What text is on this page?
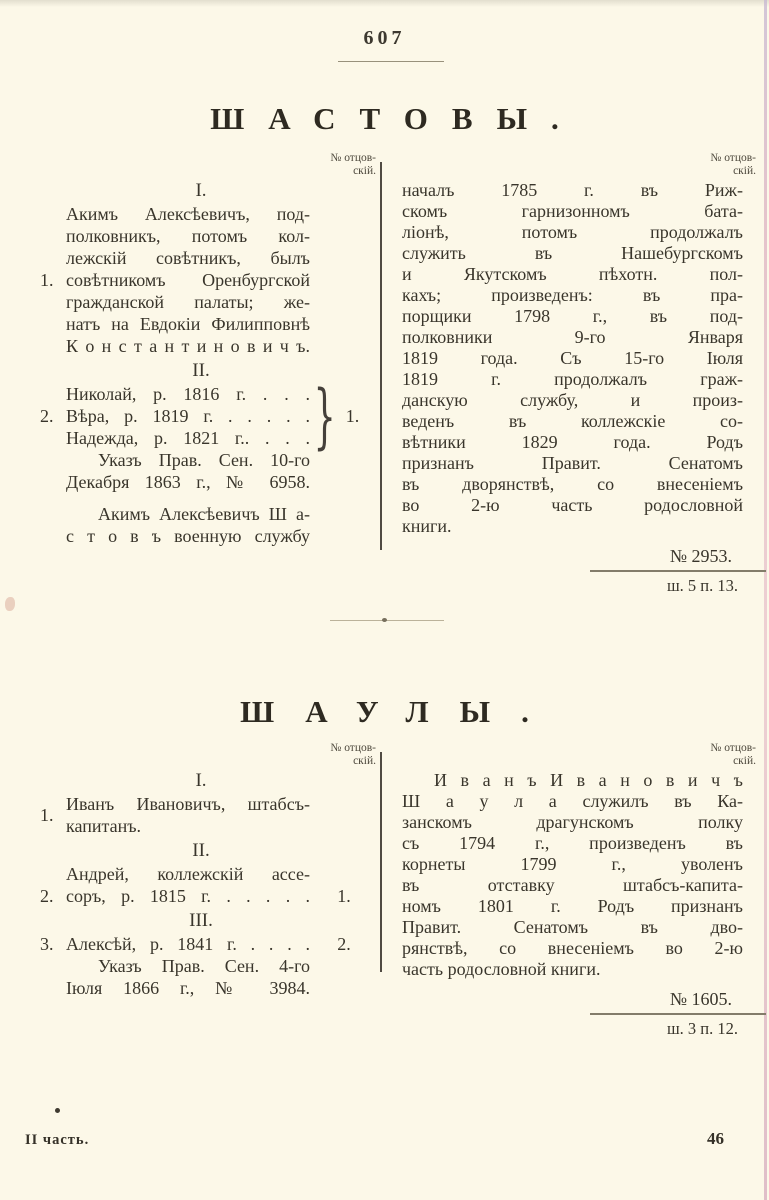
607
ШАСТОВЫ.
№ отцов-
скій.
I.
1.
Акимъ Алексѣевичъ, под-
полковникъ, потомъ кол-
лежскій совѣтникъ, былъ
совѣтникомъ Оренбургской
гражданской палаты; же-
натъ на Евдокіи Филипповнѣ
К о н с т а н т и н о в и ч ъ.
II.
2.
Николай, р. 1816 г. . . .
Вѣра, р. 1819 г. . . . . .
Надежда, р. 1821 г.. . . . } 1.
Указъ Прав. Сен. 10-го
Декабря 1863 г., № 6958.
Акимъ Алексѣевичъ Ш а-
с т о в ъ военную службу
№ отцов-
скій.
началъ 1785 г. въ Риж-
скомъ гарнизонномъ бата-
ліонѣ, потомъ продолжалъ
служить въ Нашебургскомъ
и Якутскомъ пѣхотн. пол-
кахъ; произведенъ: въ пра-
порщики 1798 г., въ под-
полковники 9-го Января
1819 года. Съ 15-го Іюля
1819 г. продолжалъ граж-
данскую службу, и произ-
веденъ въ коллежскіе со-
вѣтники 1829 года. Родъ
признанъ Правит. Сенатомъ
въ дворянствѣ, со внесеніемъ
во 2-ю часть родословной
книги.
№ 2953.
ш. 5 п. 13.
ШАУЛЫ.
№ отцов-
скій.
I.
1.
Иванъ Ивановичъ, штабсъ-
капитанъ.
II.
2.
Андрей, коллежскій ассе-
соръ, р. 1815 г. . . . . .	1.
III.
3. Алексѣй, р. 1841 г. . . . .	2.
Указъ Прав. Сен. 4-го
Іюля 1866 г., № 3984.
№ отцов-
скій.
И в а н ъ И в а н о в и ч ъ
Ш а у л а служилъ въ Ка-
занскомъ драгунскомъ полку
съ 1794 г., произведенъ въ
корнеты 1799 г., уволенъ
въ отставку штабсъ-капита-
номъ 1801 г. Родъ признанъ
Правит. Сенатомъ въ дво-
рянствѣ, со внесеніемъ во 2-ю
часть родословной книги.
№ 1605.
ш. 3 п. 12.
II часть.	46
